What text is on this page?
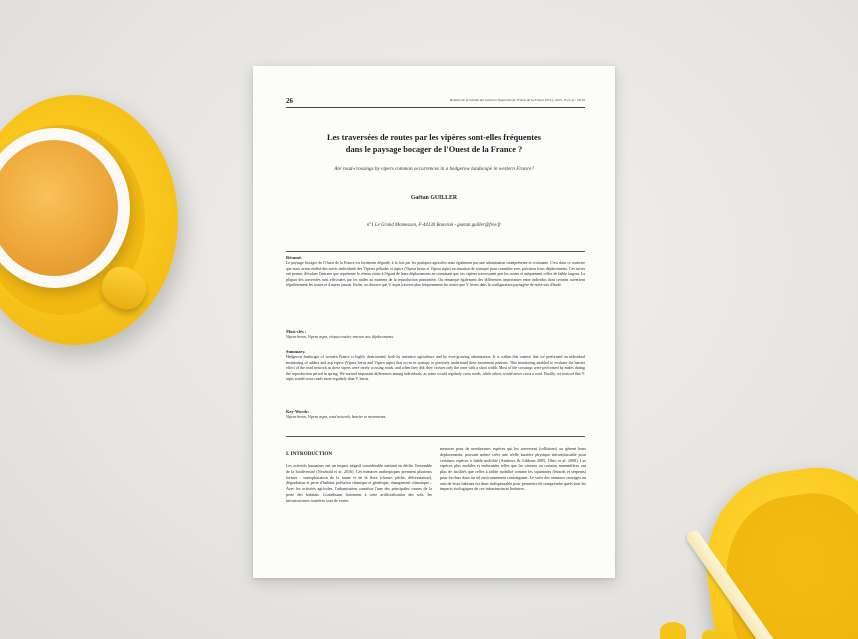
26	Bulletin de la Société des Sciences Naturelles de l'Ouest de la France (N.S.), 2023, 45 (1-2) : 26-33
Les traversées de routes par les vipères sont-elles fréquentes
dans le paysage bocager de l'Ouest de la France ?
Are road-crossings by vipers common occurrences in a hedgerow landscape in western France?
Gaëtan GUILLER
n°1 Le Grand Momesson, F-44130 Bouvron - gaetan.guiller@free.fr
Résumé.
Le paysage bocager de l'Ouest de la France est fortement dégradé, à la fois par les pratiques agricoles mais également par une urbanisation omniprésente et croissante. C'est dans ce contexte que nous avons réalisé des suivis individuels des Vipères péliades et aspics (Vipera berus et Vipera aspis) en situation de syntopie pour connaître avec précision leurs déplacements. Ces suivis ont permis d'évaluer l'entrave que représente le réseau viaire à l'égard de leurs déplacements en constatant que ces vipères traversaient peu les routes et uniquement celles de faible largeur. La plupart des traversées sont effectuées par les mâles au moment de la reproduction printanière. On remarque également des différences importantes entre individus dont certains traversent régulièrement les routes et d'autres jamais. Enfin, on observe que V. aspis traverse plus fréquemment les routes que V. berus dans la configuration paysagère de notre site d'étude.
Mots-clés :
Vipera berus, Vipera aspis, réseau routier, entrave aux déplacements.
Summary.
Hedgerow landscape of western France is highly deteriorated, both by intensive agriculture and by ever-growing urbanization. It is within this context that we performed an individual monitoring of adders and asp vipers (Vipera berus and Vipera aspis) that occur in syntopy to precisely understand their movement patterns. This monitoring enabled to evaluate the barrier effect of the road network as these vipers were rarely crossing roads, and when they did, they crosses only the ones with a short width. Most of the crossings were performed by males during the reproduction period in spring. We noticed important differences among individuals, as some would regularly cross roads, while others would never cross a road. Finally, we noticed that V. aspis would cross roads more regularly than V. berus.
Key-Words:
Vipera berus, Vipera aspis, road network, barrier to movements.
I. INTRODUCTION
Les activités humaines ont un impact négatif considérable mettant en déclin l'ensemble de la biodiversité (Newbold et al. 2016). Ces menaces anthropiques prennent plusieurs formes : surexploitation de la faune et de la flore (chasse, pêche, déforestation), dégradation et perte d'habitat, pollution chimique et génétique, changement climatique... Avec les activités agricoles, l'urbanisation constitue l'une des principales causes de la perte des habitats. Contribuant fortement à cette artificialisation des sols, les infrastructures routières sont de vraies
menaces pour de nombreuses espèces qui les traversent (collisions) ou gênent leurs déplacements, pouvant même créer une réelle barrière physique infranchissable pour certaines espèces à faible mobilité (Andrews & Gibbons 2005, Olsto et al. 2008). Les espèces plus mobiles et endurantes telles que les oiseaux ou certains mammifères ont plus de facilités que celles à faible mobilité comme les squamates (lézards et serpents) pour évoluer dans un tel environnement contraignant. Le suivi des animaux sauvages au sein de leurs habitats est donc indispensable pour permettre de comprendre quels sont les impacts écologiques de ces infrastructures linéaires.
